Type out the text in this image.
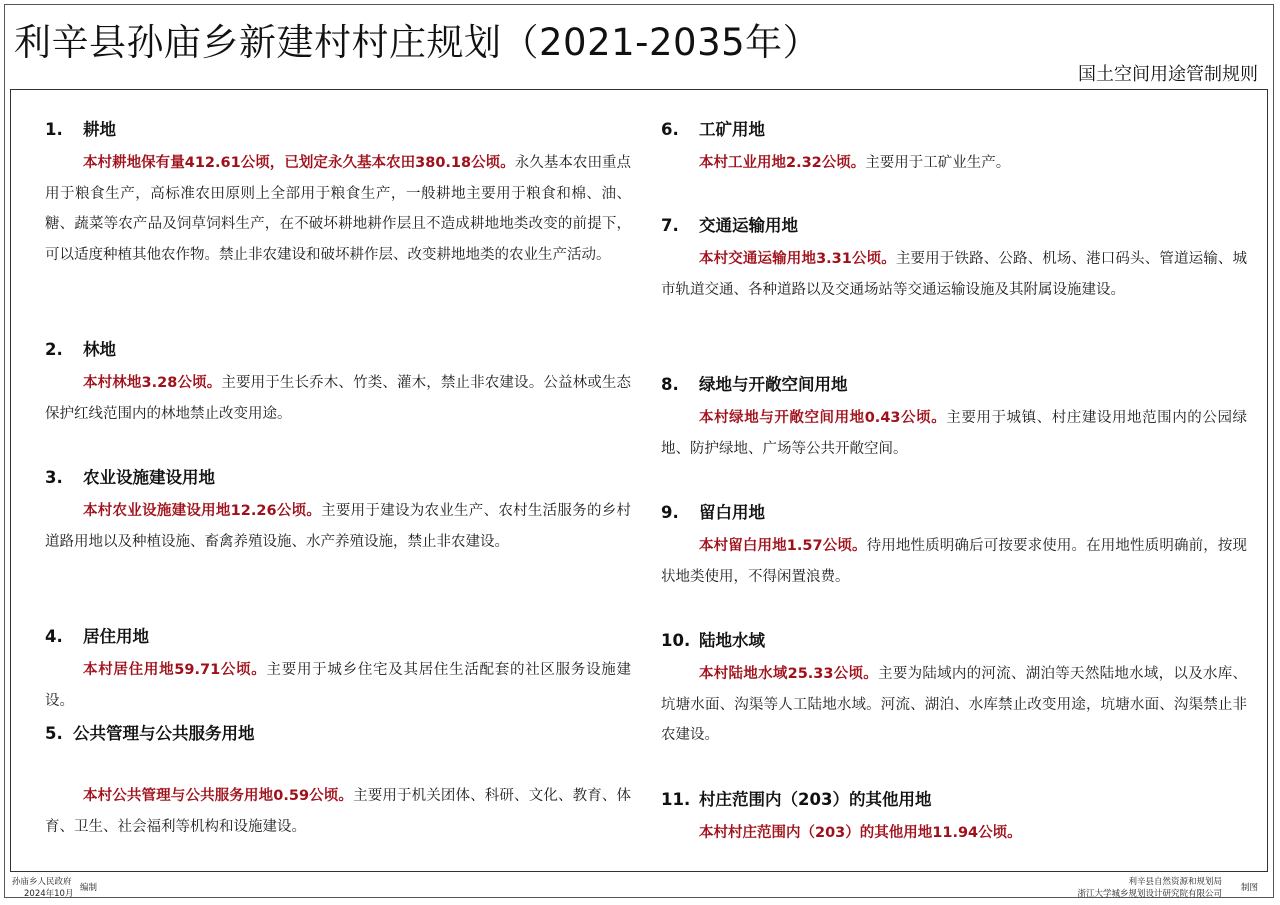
利辛县孙庙乡新建村村庄规划（2021-2035年）
国土空间用途管制规则

1. 耕地

本村耕地保有量412.61公顷，已划定永久基本农田380.18公顷。永久基本农田重点用于粮食生产，高标准农田原则上全部用于粮食生产，一般耕地主要用于粮食和棉、油、糖、蔬菜等农产品及饲草饲料生产，在不破坏耕地耕作层且不造成耕地地类改变的前提下，可以适度种植其他农作物。禁止非农建设和破坏耕作层、改变耕地地类的农业生产活动。

2. 林地

本村林地3.28公顷。主要用于生长乔木、竹类、灌木，禁止非农建设。公益林或生态保护红线范围内的林地禁止改变用途。

3. 农业设施建设用地

本村农业设施建设用地12.26公顷。主要用于建设为农业生产、农村生活服务的乡村道路用地以及种植设施、畜禽养殖设施、水产养殖设施，禁止非农建设。

4. 居住用地

本村居住用地59.71公顷。主要用于城乡住宅及其居住生活配套的社区服务设施建设。

5. 公共管理与公共服务用地

本村公共管理与公共服务用地0.59公顷。主要用于机关团体、科研、文化、教育、体育、卫生、社会福利等机构和设施建设。

6. 工矿用地

本村工业用地2.32公顷。主要用于工矿业生产。

7. 交通运输用地

本村交通运输用地3.31公顷。主要用于铁路、公路、机场、港口码头、管道运输、城市轨道交通、各种道路以及交通场站等交通运输设施及其附属设施建设。

8. 绿地与开敞空间用地

本村绿地与开敞空间用地0.43公顷。主要用于城镇、村庄建设用地范围内的公园绿地、防护绿地、广场等公共开敞空间。

9. 留白用地

本村留白用地1.57公顷。待用地性质明确后可按要求使用。在用地性质明确前，按现状地类使用，不得闲置浪费。

10. 陆地水域

本村陆地水域25.33公顷。主要为陆域内的河流、湖泊等天然陆地水域，以及水库、坑塘水面、沟渠等人工陆地水域。河流、湖泊、水库禁止改变用途，坑塘水面、沟渠禁止非农建设。

11. 村庄范围内（203）的其他用地

本村村庄范围内（203）的其他用地11.94公顷。

孙庙乡人民政府
2024年10月
编制
利辛县自然资源和规划局
浙江大学城乡规划设计研究院有限公司
制图
